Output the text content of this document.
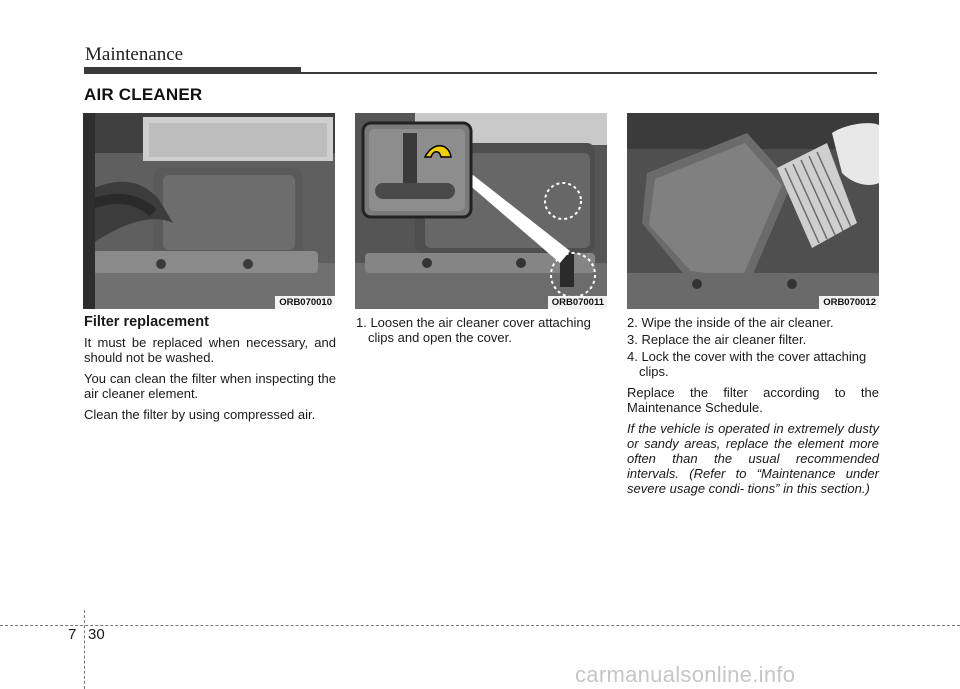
Maintenance
AIR CLEANER
ORB070010	ORB070011	ORB070012
Filter replacement

It must be replaced when necessary, and should not be washed.

You can clean the filter when inspecting the air cleaner element.

Clean the filter by using compressed air.

1. Loosen the air cleaner cover attaching clips and open the cover.

2. Wipe the inside of the air cleaner.

3. Replace the air cleaner filter.

4. Lock the cover with the cover attaching clips.

Replace the filter according to the Maintenance Schedule.

If the vehicle is operated in extremely dusty or sandy areas, replace the element more often than the usual recommended intervals. (Refer to “Maintenance under severe usage condi- tions” in this section.)

7 30
carmanualsonline.info
